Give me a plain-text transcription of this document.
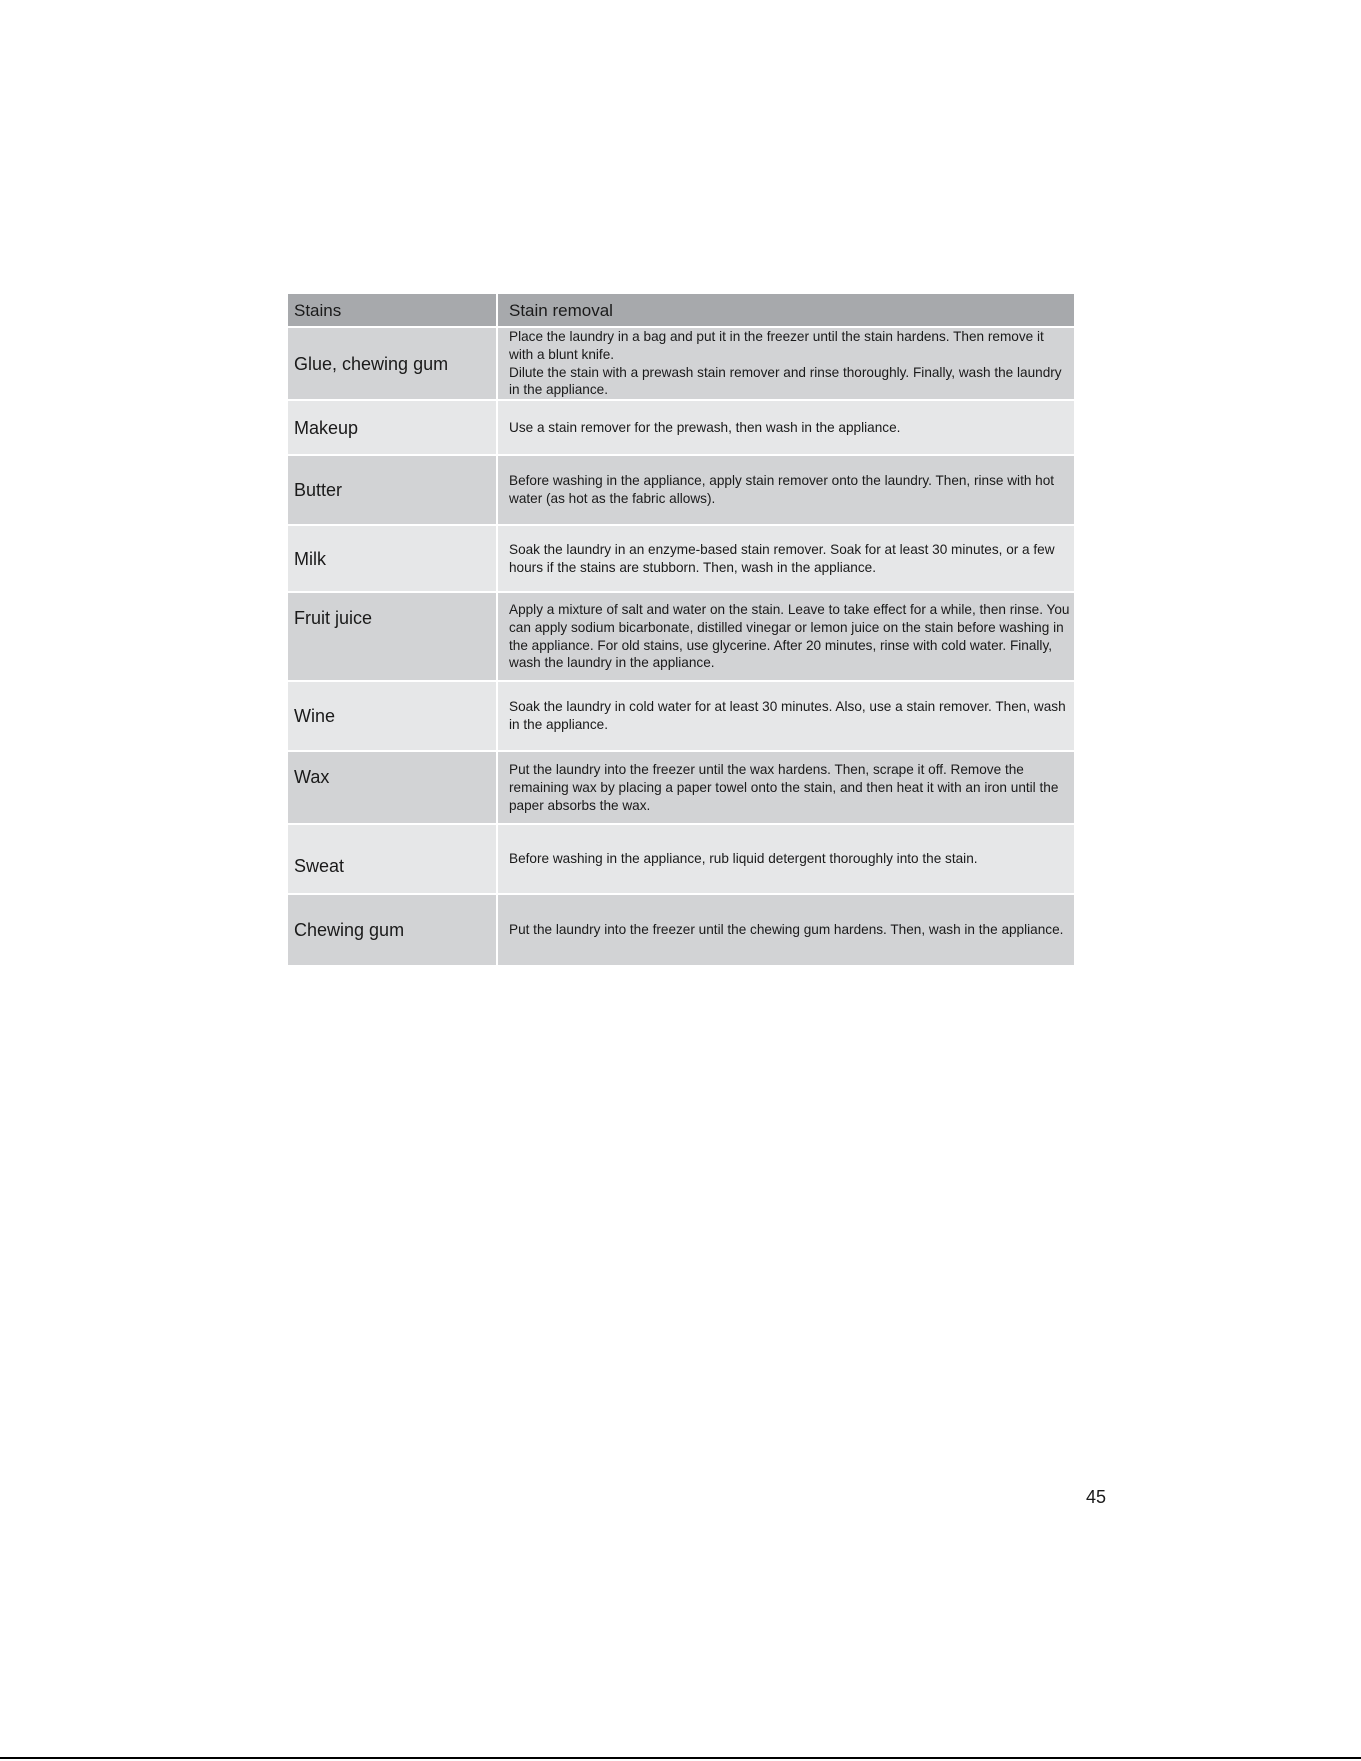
Stains	Stain removal
Glue, chewing gum	Place the laundry in a bag and put it in the freezer until the stain hardens. Then remove it with a blunt knife.
Dilute the stain with a prewash stain remover and rinse thoroughly. Finally, wash the laundry in the appliance.

Makeup	Use a stain remover for the prewash, then wash in the appliance.

Butter	Before washing in the appliance, apply stain remover onto the laundry. Then, rinse with hot water (as hot as the fabric allows).

Milk	Soak the laundry in an enzyme-based stain remover. Soak for at least 30 minutes, or a few hours if the stains are stubborn. Then, wash in the appliance.

Fruit juice	Apply a mixture of salt and water on the stain. Leave to take effect for a while, then rinse. You can apply sodium bicarbonate, distilled vinegar or lemon juice on the stain before washing in the appliance. For old stains, use glycerine. After 20 minutes, rinse with cold water. Finally, wash the laundry in the appliance.

Wine	Soak the laundry in cold water for at least 30 minutes. Also, use a stain remover. Then, wash in the appliance.

Wax	Put the laundry into the freezer until the wax hardens. Then, scrape it off. Remove the remaining wax by placing a paper towel onto the stain, and then heat it with an iron until the paper absorbs the wax.

Sweat	Before washing in the appliance, rub liquid detergent thoroughly into the stain.

Chewing gum	Put the laundry into the freezer until the chewing gum hardens. Then, wash in the appliance.
45
